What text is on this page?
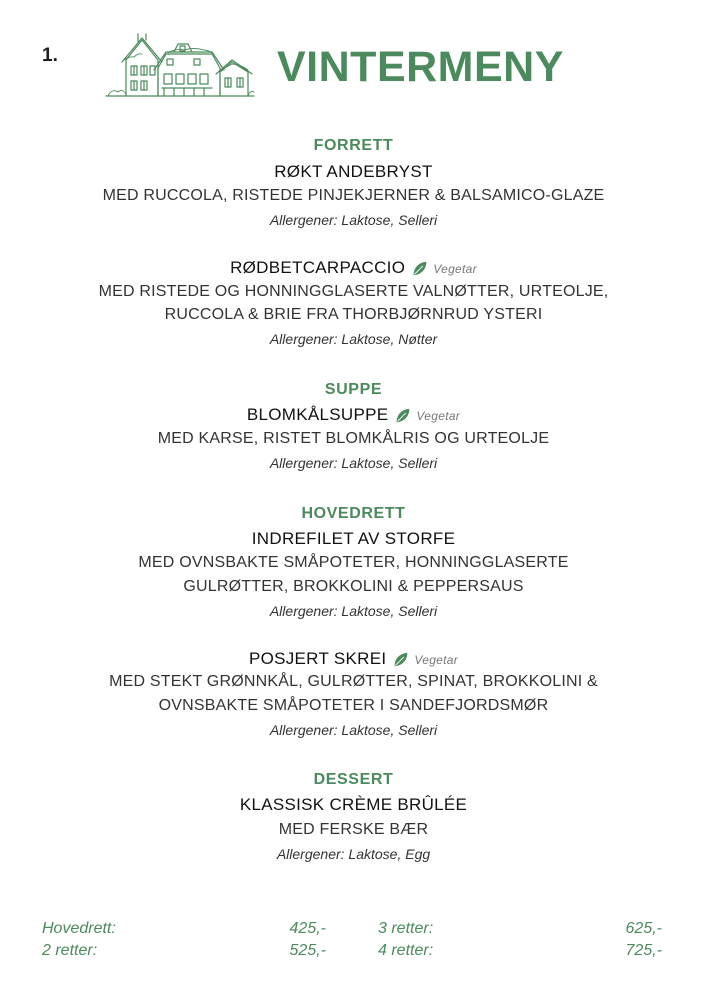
1.	VINTERMENY
FORRETT
RØKT ANDEBRYST
MED RUCCOLA, RISTEDE PINJEKJERNER & BALSAMICO-GLAZE
Allergener: Laktose, Selleri
RØDBETCARPACCIO Vegetar
MED RISTEDE OG HONNINGGLASERTE VALNØTTER, URTEOLJE,
RUCCOLA & BRIE FRA THORBJØRNRUD YSTERI
Allergener: Laktose, Nøtter
SUPPE
BLOMKÅLSUPPE Vegetar
MED KARSE, RISTET BLOMKÅLRIS OG URTEOLJE
Allergener: Laktose, Selleri
HOVEDRETT
INDREFILET AV STORFE
MED OVNSBAKTE SMÅPOTETER, HONNINGGLASERTE
GULRØTTER, BROKKOLINI & PEPPERSAUS
Allergener: Laktose, Selleri
POSJERT SKREI Vegetar
MED STEKT GRØNNKÅL, GULRØTTER, SPINAT, BROKKOLINI &
OVNSBAKTE SMÅPOTETER I SANDEFJORDSMØR
Allergener: Laktose, Selleri
DESSERT
KLASSISK CRÈME BRÛLÉE
MED FERSKE BÆR
Allergener: Laktose, Egg
Hovedrett:	425,-
2 retter:	525,-
3 retter:	625,-
4 retter:	725,-
